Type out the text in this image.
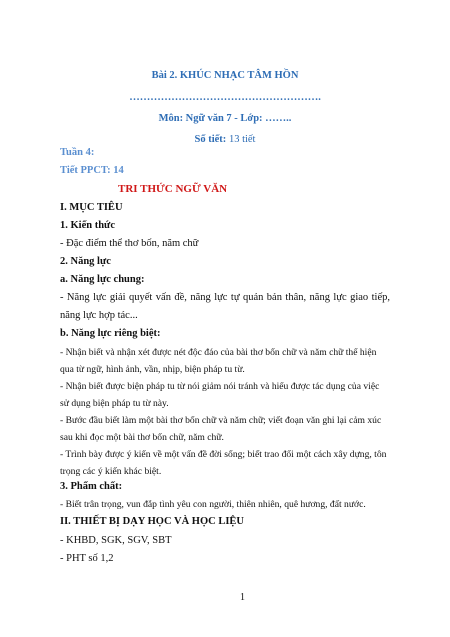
Bài 2. KHÚC NHẠC TÂM HỒN
……………………………………………….
Môn: Ngữ văn 7 - Lớp: ……..
Số tiết: 13 tiết
Tuần 4:
Tiết PPCT: 14
TRI THỨC NGỮ VĂN
I. MỤC TIÊU
1. Kiến thức
- Đặc điểm thể thơ bốn, năm chữ
2. Năng lực
a. Năng lực chung:
- Năng lực giải quyết vấn đề, năng lực tự quản bản thân, năng lực giao tiếp,
năng lực hợp tác...
b. Năng lực riêng biệt:
- Nhận biết và nhận xét được nét độc đáo của bài thơ bốn chữ và năm chữ thể hiện
qua từ ngữ, hình ảnh, vần, nhịp, biện pháp tu từ.
- Nhận biết được biện pháp tu từ nói giảm nói tránh và hiểu được tác dụng của việc
sử dụng biện pháp tu từ này.
- Bước đầu biết làm một bài thơ bốn chữ và năm chữ; viết đoạn văn ghi lại cảm xúc
sau khi đọc một bài thơ bốn chữ, năm chữ.
- Trình bày được ý kiến về một vấn đề đời sống; biết trao đổi một cách xây dựng, tôn
trọng các ý kiến khác biệt.
3. Phẩm chất:
- Biết trân trọng, vun đắp tình yêu con người, thiên nhiên, quê hương, đất nước.
II. THIẾT BỊ DẠY HỌC VÀ HỌC LIỆU
- KHBD, SGK, SGV, SBT
- PHT số 1,2
1
